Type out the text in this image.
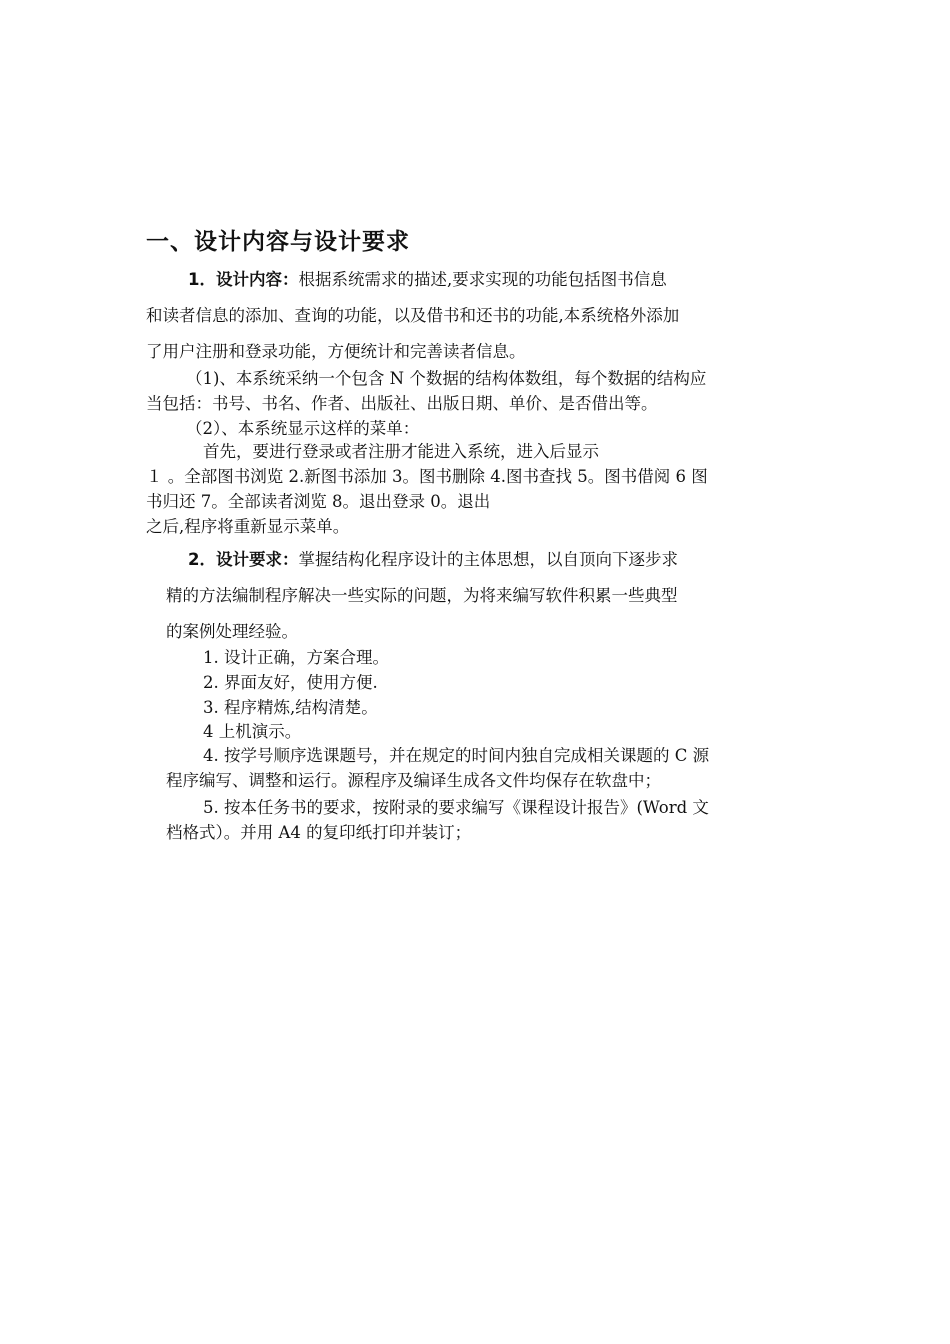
一、设计内容与设计要求
1．设计内容：根据系统需求的描述,要求实现的功能包括图书信息
和读者信息的添加、查询的功能，以及借书和还书的功能,本系统格外添加
了用户注册和登录功能，方便统计和完善读者信息。
（1)、本系统采纳一个包含 N 个数据的结构体数组，每个数据的结构应
当包括：书号、书名、作者、出版社、出版日期、单价、是否借出等。
（2）、本系统显示这样的菜单：
首先，要进行登录或者注册才能进入系统，进入后显示
１ 。全部图书浏览 2.新图书添加 3。图书删除 4.图书查找 5。图书借阅 6 图
书归还 7。全部读者浏览 8。退出登录 0。退出
之后,程序将重新显示菜单。
2．设计要求：掌握结构化程序设计的主体思想，以自顶向下逐步求
精的方法编制程序解决一些实际的问题，为将来编写软件积累一些典型
的案例处理经验。
1. 设计正确，方案合理。
2. 界面友好，使用方便.
3. 程序精炼,结构清楚。
4 上机演示。
4. 按学号顺序选课题号，并在规定的时间内独自完成相关课题的 C 源
程序编写、调整和运行。源程序及编译生成各文件均保存在软盘中；
5. 按本任务书的要求，按附录的要求编写《课程设计报告》(Word 文
档格式）。并用 A4 的复印纸打印并装订；
